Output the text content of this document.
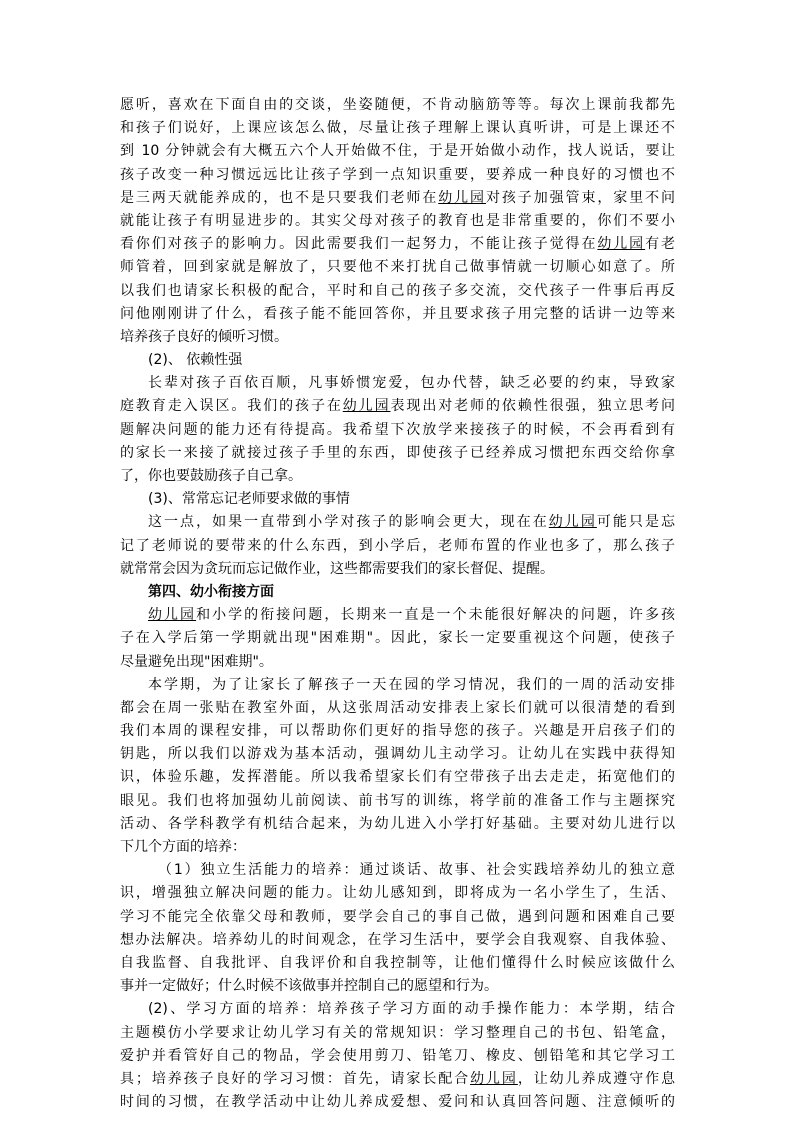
愿听，喜欢在下面自由的交谈，坐姿随便，不肯动脑筋等等。每次上课前我都先
和孩子们说好，上课应该怎么做，尽量让孩子理解上课认真听讲，可是上课还不
到 10 分钟就会有大概五六个人开始做不住，于是开始做小动作，找人说话，要让
孩子改变一种习惯远远比让孩子学到一点知识重要，要养成一种良好的习惯也不
是三两天就能养成的，也不是只要我们老师在幼儿园对孩子加强管束，家里不问
就能让孩子有明显进步的。其实父母对孩子的教育也是非常重要的，你们不要小
看你们对孩子的影响力。因此需要我们一起努力，不能让孩子觉得在幼儿园有老
师管着，回到家就是解放了，只要他不来打扰自己做事情就一切顺心如意了。所
以我们也请家长积极的配合，平时和自己的孩子多交流，交代孩子一件事后再反
问他刚刚讲了什么，看孩子能不能回答你，并且要求孩子用完整的话讲一边等来
培养孩子良好的倾听习惯。
(2)、 依赖性强
长辈对孩子百依百顺，凡事娇惯宠爱，包办代替，缺乏必要的约束，导致家
庭教育走入误区。我们的孩子在幼儿园表现出对老师的依赖性很强，独立思考问
题解决问题的能力还有待提高。我希望下次放学来接孩子的时候，不会再看到有
的家长一来接了就接过孩子手里的东西，即使孩子已经养成习惯把东西交给你拿
了，你也要鼓励孩子自己拿。
(3)、常常忘记老师要求做的事情
这一点，如果一直带到小学对孩子的影响会更大，现在在幼儿园可能只是忘
记了老师说的要带来的什么东西，到小学后，老师布置的作业也多了，那么孩子
就常常会因为贪玩而忘记做作业，这些都需要我们的家长督促、提醒。
第四、幼小衔接方面
幼儿园和小学的衔接问题，长期来一直是一个未能很好解决的问题，许多孩
子在入学后第一学期就出现"困难期"。因此，家长一定要重视这个问题，使孩子
尽量避免出现"困难期"。
本学期，为了让家长了解孩子一天在园的学习情况，我们的一周的活动安排
都会在周一张贴在教室外面，从这张周活动安排表上家长们就可以很清楚的看到
我们本周的课程安排，可以帮助你们更好的指导您的孩子。兴趣是开启孩子们的
钥匙，所以我们以游戏为基本活动，强调幼儿主动学习。让幼儿在实践中获得知
识，体验乐趣，发挥潜能。所以我希望家长们有空带孩子出去走走，拓宽他们的
眼见。我们也将加强幼儿前阅读、前书写的训练，将学前的准备工作与主题探究
活动、各学科教学有机结合起来，为幼儿进入小学打好基础。主要对幼儿进行以
下几个方面的培养：
（1）独立生活能力的培养：通过谈话、故事、社会实践培养幼儿的独立意
识，增强独立解决问题的能力。让幼儿感知到，即将成为一名小学生了，生活、
学习不能完全依靠父母和教师，要学会自己的事自己做，遇到问题和困难自己要
想办法解决。培养幼儿的时间观念，在学习生活中，要学会自我观察、自我体验、
自我监督、自我批评、自我评价和自我控制等，让他们懂得什么时候应该做什么
事并一定做好；什么时候不该做事并控制自己的愿望和行为。
(2)、学习方面的培养：培养孩子学习方面的动手操作能力：本学期，结合
主题模仿小学要求让幼儿学习有关的常规知识：学习整理自己的书包、铅笔盒，
爱护并看管好自己的物品，学会使用剪刀、铅笔刀、橡皮、刨铅笔和其它学习工
具；培养孩子良好的学习习惯：首先，请家长配合幼儿园，让幼儿养成遵守作息
时间的习惯，在教学活动中让幼儿养成爱想、爱问和认真回答问题、注意倾听的
